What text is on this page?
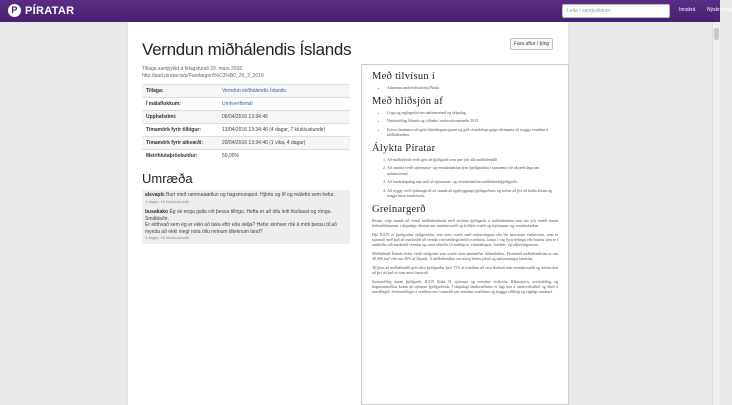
P PÍRATAR	Leita í samþykktum	Innskrá Nýskráning
Verndun miðhálendis Íslands	Fara aftur í þing
Tillaga samþykkt á félagsfundi 29. mars 2016
http://pad.piratar.is/p/Fundargerð%C3%B0_29_3_2016
Tillaga:	Verndun miðhálendis Íslands
Í málaflokkum:	Umhverfismál
Upphafstími:	06/04/2016 13:34:46
Tímamörk fyrir tillögur:	13/04/2016 13:34:46 (4 dagar, 7 klukkustundir)
Tímamörk fyrir atkvæði:	20/04/2016 13:34:46 (1 vika, 4 dagar)
Meirihlutaþröskuldur:	50,00%
Umræða
alsvaplc Burt með rammaáætlun og hagsmunapot. Hjörtu og líf og málefni sem hefur.
1 dagur, 16 klukkustundir
busakako Ég sé enga galla við þessa tillögu. Hefta er að öllu leiti hlutlaust og röngu. Smáblaðri.
Er eitthvað sem ég er ekki að taka eftir eða skilja? Hefur einhver rök á móti þessu til að mynda að ekki megi nota öllu neinum tilteknum land?
1 dagur, 16 klukkustundir
Með tilvísun í
• Almenna umhverfisstefnu Pírata
Með hliðsjón af
• Lögu og reglugerða um náttúruvernd og skipulag
• Náttúrufélag Íslands og víðtækri umhverfisumræðu 2015.
• Þeirra tímabærra að gefa Íslendingum gaum og góð vísindalega gögn tilvísanna að tryggja verndun á miðhálendinu.
Ályktа Píratar
1. Að miðhálendi verði gert að þjóðgarði sem nær yfir allt miðhálendið.
2. Að ramma verði stjórnunar- og verndaráætlun fyrir þjóðgarðinn í samræmi við ákvæði laga um náttúruvernd.
3. Að landsskipulag taki mið af stjórnunar- og verndaráætlun miðhálendisþjóðgarðs.
4. Að tryggt verði fjármagn til að standa að uppbyggingu þjóðgarðsins og stefna að því að halda áfram og tengja betur landvörslu.
Greinargerð

Píratar vilja standa að vernd miðhálendisins með stofnun þjóðgarðs á miðhálendinu sem nái yfir svæði innan hálendislínunnar í skipulagi ríkisins um verndarsvæði og friðlýst svæði og stjórnunar- og verndaráætlun.

Hjá IUCN er þjóðgarður skilgreindur sem stórt svæði með náttúrulegum eða lítt snortnum vistkerfum, sem er stjórnað með það að markmiði að vernda vistfræðilega heild svæðisins, koma í veg fyrir nýtingu eða búsetu sem er í andstöðu við markmið verndar og veita aðstöðu til andlegrar, vísindalegrar, fræðslu- og afþreyingarnota.

Miðhálendi Íslands hefur verið skilgreint sem svæði ofan samhæfðar hálendislínu. Flatarmál miðhálendisins er um 40.000 km² eða um 40% af Íslandi. Á miðhálendinu eru mörg helstu jökul og náttúruminjar landsins.

Til þess að miðhálendið geti talist þjóðgarður þarf 75% af svæðinu að vera flokkað sem verndarsvæði og stefna skal að því að það sé sem mest ósnortið.

Sveitarfélög innan þjóðgarðs IUCN flokk II, stjórnun og verndun vistkerfa. Ríkisstjórn, sveitarfélög og hagsmunaaðilar koma að stjórnun þjóðgarðsins. Í skipulagi landsvæðisins er lagt mat á umhverfisáhrif og áhrif á samfélagið. Sveitarfélögin á svæðinu eru í samráði um verndun svæðisins og tryggja eðlilegt og faglegt samstarf.
